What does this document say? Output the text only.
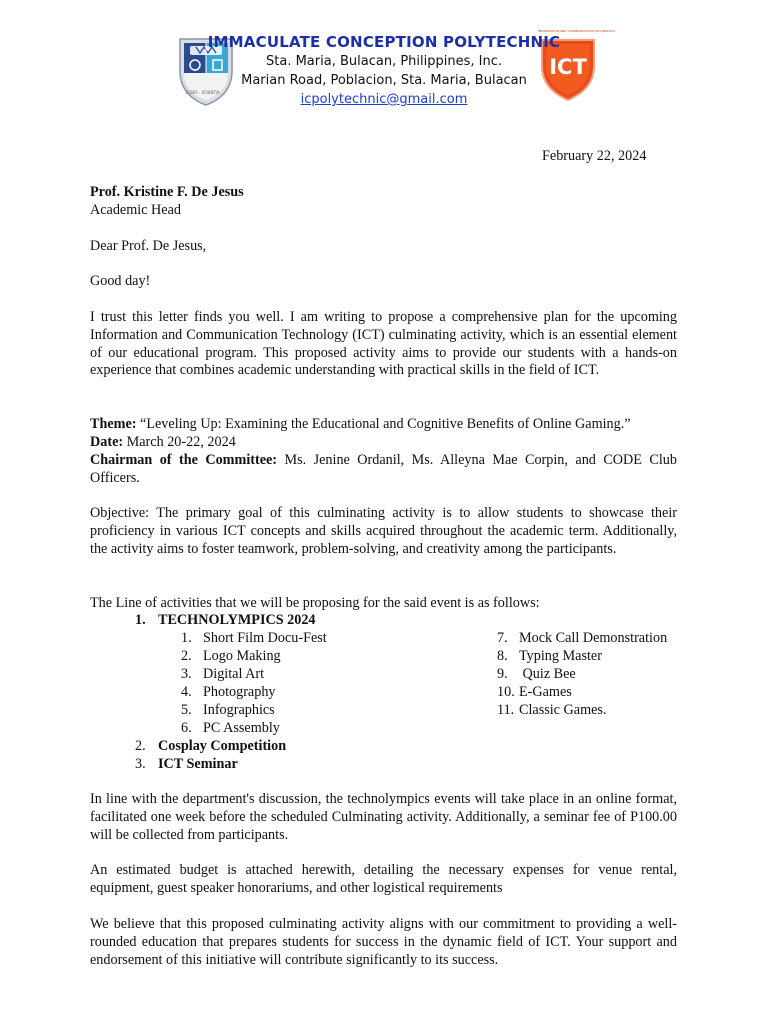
FIDES · SCIENTIA
ICT
INFORMATION AND COMMUNICATION TECHNOLOGY
IMMACULATE CONCEPTION POLYTECHNIC
Sta. Maria, Bulacan, Philippines, Inc.
Marian Road, Poblacion, Sta. Maria, Bulacan
icpolytechnic@gmail.com
February 22, 2024
Prof. Kristine F. De Jesus
Academic Head
Dear Prof. De Jesus,
Good day!
I trust this letter finds you well. I am writing to propose a comprehensive plan for the upcoming Information and Communication Technology (ICT) culminating activity, which is an essential element of our educational program. This proposed activity aims to provide our students with a hands-on experience that combines academic understanding with practical skills in the field of ICT.
Theme: “Leveling Up: Examining the Educational and Cognitive Benefits of Online Gaming.”
Date: March 20-22, 2024
Chairman of the Committee: Ms. Jenine Ordanil, Ms. Alleyna Mae Corpin, and CODE Club Officers.
Objective: The primary goal of this culminating activity is to allow students to showcase their proficiency in various ICT concepts and skills acquired throughout the academic term. Additionally, the activity aims to foster teamwork, problem-solving, and creativity among the participants.
The Line of activities that we will be proposing for the said event is as follows:
1. TECHNOLYMPICS 2024
1. Short Film Docu-Fest
2. Logo Making
3. Digital Art
4. Photography
5. Infographics
6. PC Assembly
7. Mock Call Demonstration
8. Typing Master
9. Quiz Bee
10. E-Games
11. Classic Games.
2. Cosplay Competition
3. ICT Seminar
In line with the department's discussion, the technolympics events will take place in an online format, facilitated one week before the scheduled Culminating activity. Additionally, a seminar fee of P100.00 will be collected from participants.
An estimated budget is attached herewith, detailing the necessary expenses for venue rental, equipment, guest speaker honorariums, and other logistical requirements
We believe that this proposed culminating activity aligns with our commitment to providing a well-rounded education that prepares students for success in the dynamic field of ICT. Your support and endorsement of this initiative will contribute significantly to its success.
